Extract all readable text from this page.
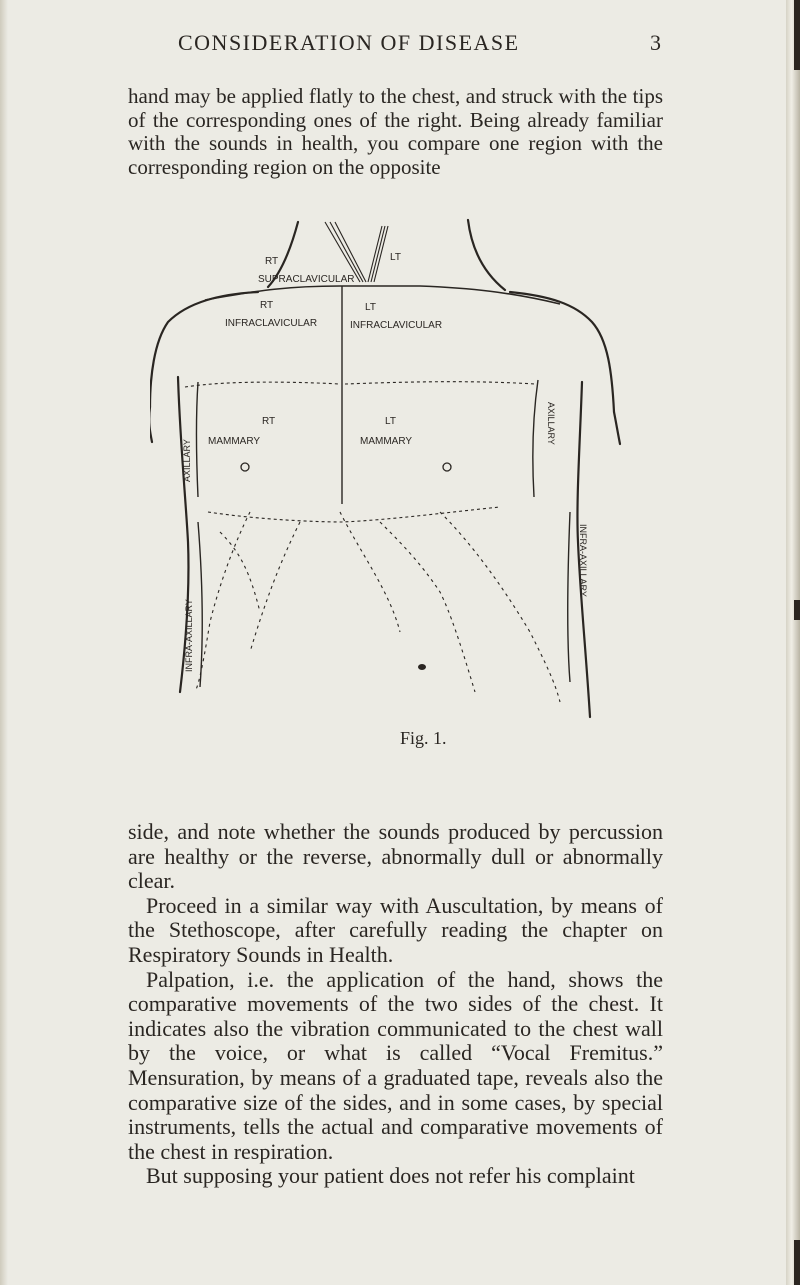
CONSIDERATION OF DISEASE	3

hand may be applied flatly to the chest, and struck with the tips of the corresponding ones of the right. Being already familiar with the sounds in health, you compare one region with the corresponding region on the opposite

RT	LT
SUPRACLAVICULAR
RT
INFRACLAVICULAR
LT
INFRACLAVICULAR
RT
MAMMARY
LT
MAMMARY
AXILLARY
AXILLARY
INFRA-AXILLARY
INFRA-AXILLARY
Fig. 1.

side, and note whether the sounds produced by percussion are healthy or the reverse, abnormally dull or abnormally clear.

Proceed in a similar way with Auscultation, by means of the Stethoscope, after carefully reading the chapter on Respiratory Sounds in Health.

Palpation, i.e. the application of the hand, shows the comparative movements of the two sides of the chest. It indicates also the vibration communicated to the chest wall by the voice, or what is called “Vocal Fremitus.” Mensuration, by means of a graduated tape, reveals also the comparative size of the sides, and in some cases, by special instruments, tells the actual and comparative movements of the chest in respiration.

But supposing your patient does not refer his complaint
